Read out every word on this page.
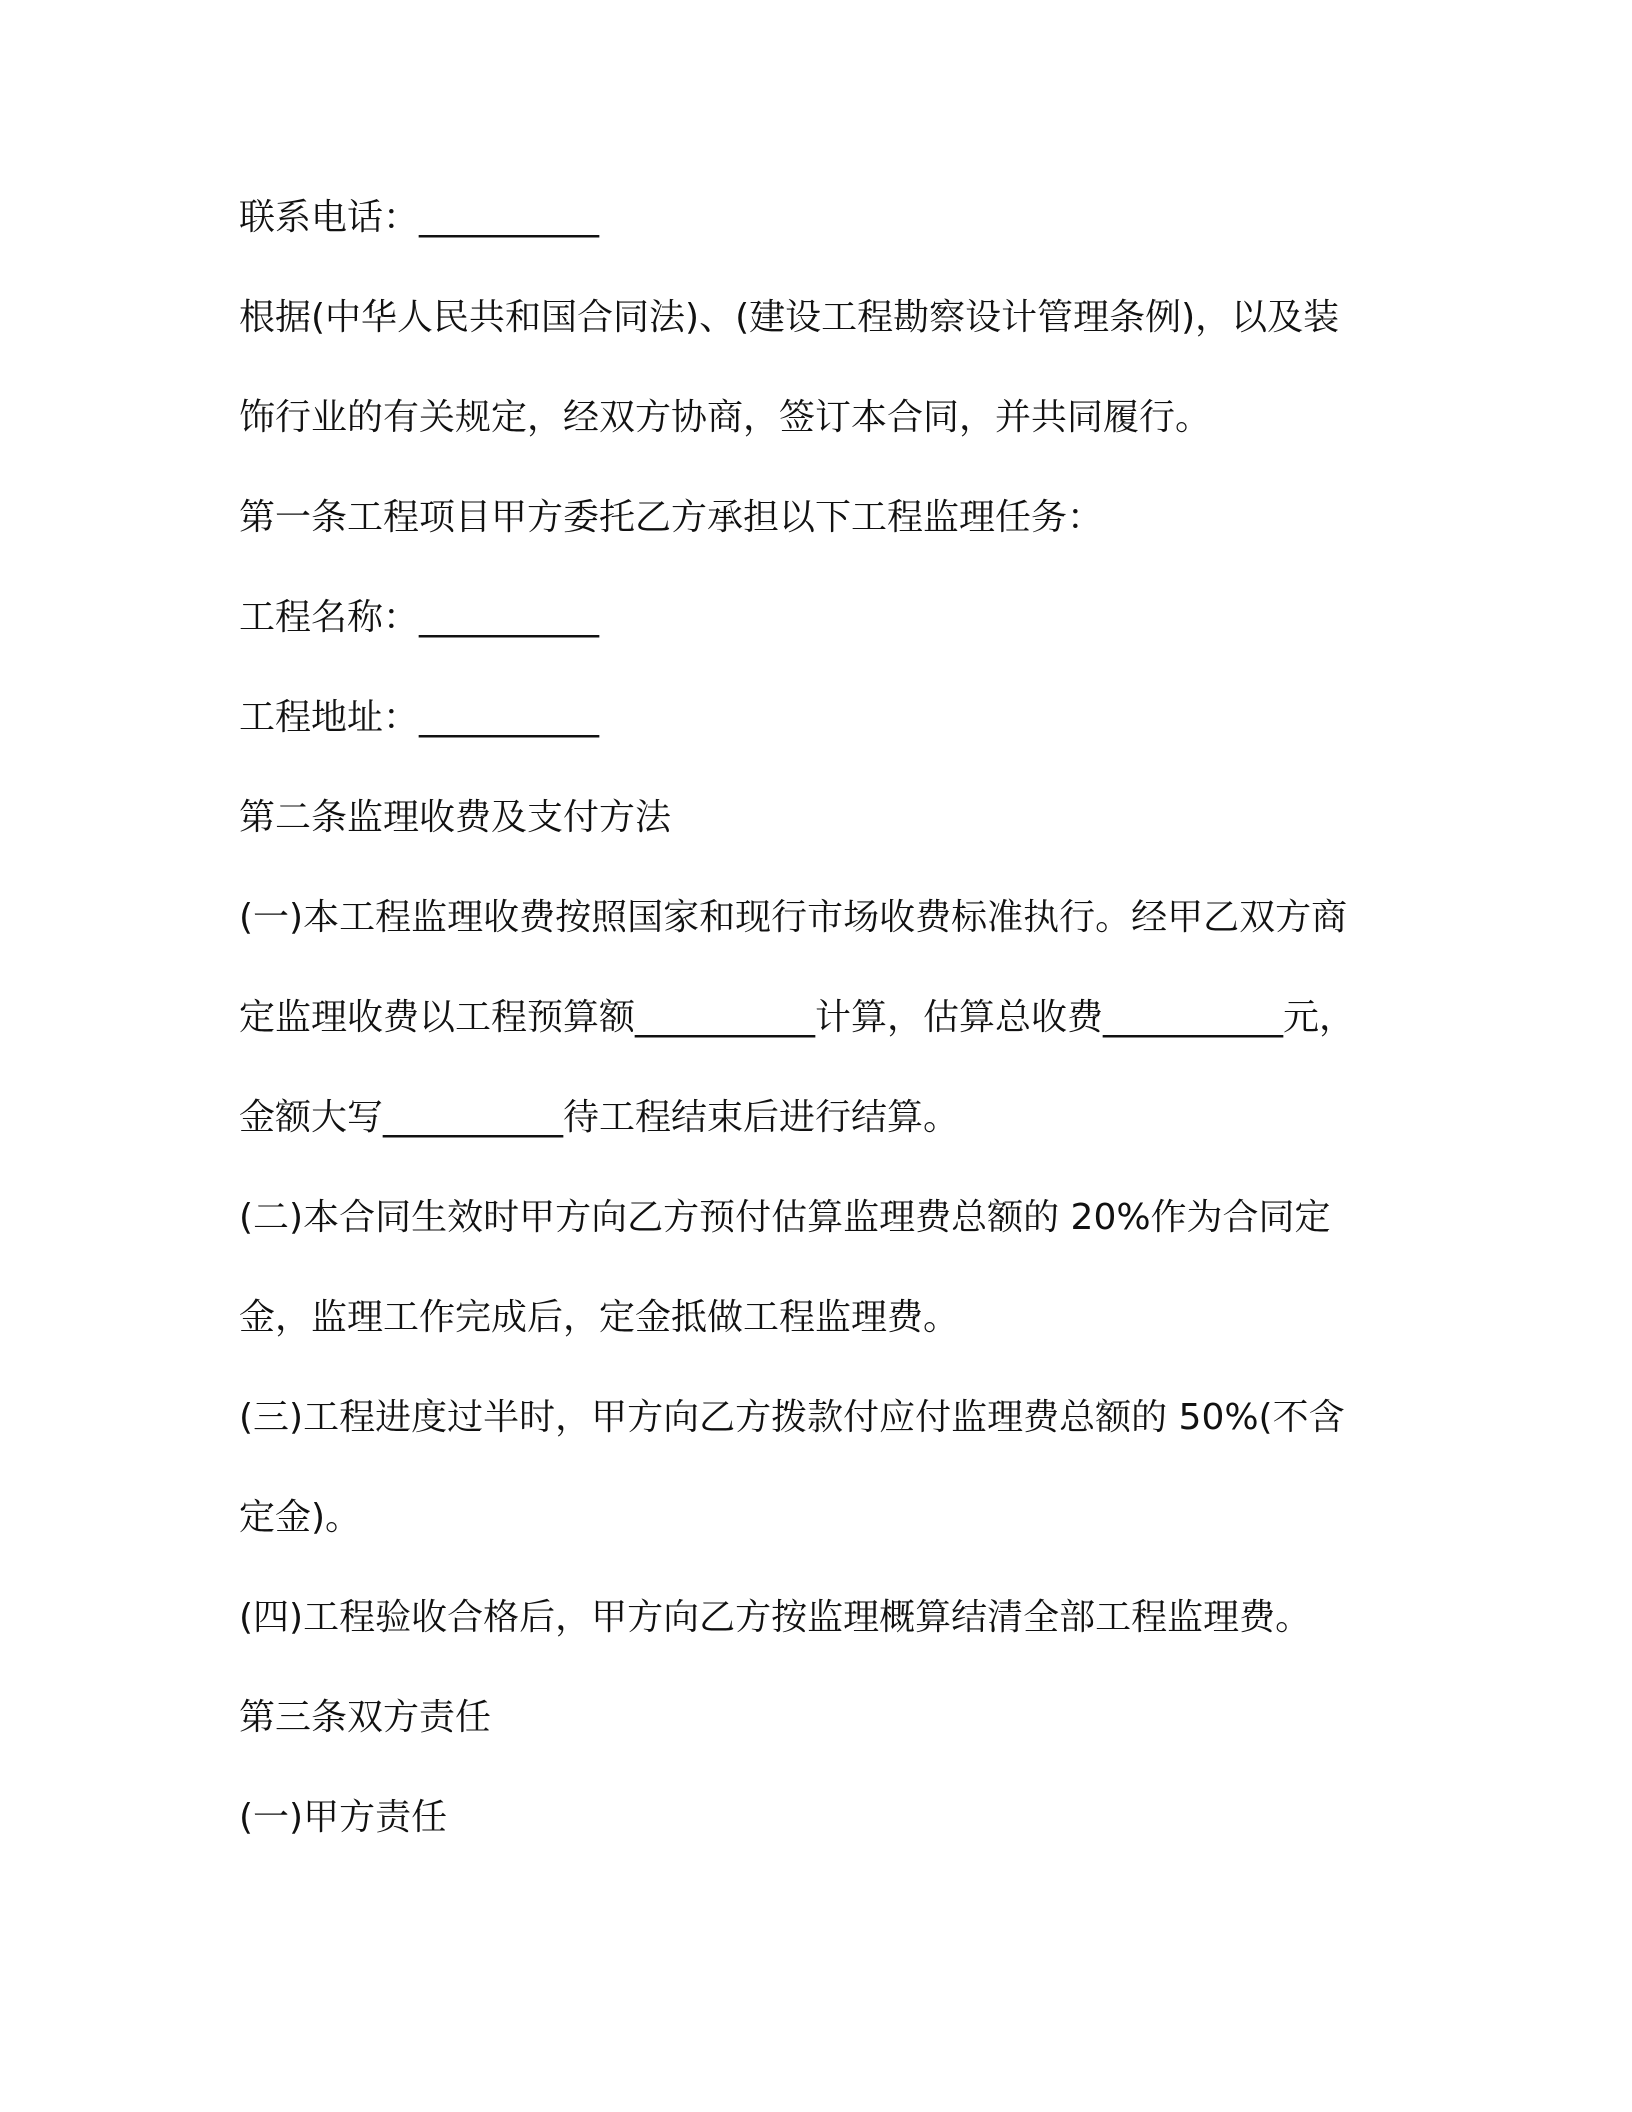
联系电话：__________

根据(中华人民共和国合同法)、(建设工程勘察设计管理条例)，以及装

饰行业的有关规定，经双方协商，签订本合同，并共同履行。

第一条工程项目甲方委托乙方承担以下工程监理任务：

工程名称：__________

工程地址：__________

第二条监理收费及支付方法

(一)本工程监理收费按照国家和现行市场收费标准执行。经甲乙双方商

定监理收费以工程预算额__________计算，估算总收费__________元，

金额大写__________待工程结束后进行结算。

(二)本合同生效时甲方向乙方预付估算监理费总额的 20%作为合同定

金，监理工作完成后，定金抵做工程监理费。

(三)工程进度过半时，甲方向乙方拨款付应付监理费总额的 50%(不含

定金)。

(四)工程验收合格后，甲方向乙方按监理概算结清全部工程监理费。

第三条双方责任

(一)甲方责任
